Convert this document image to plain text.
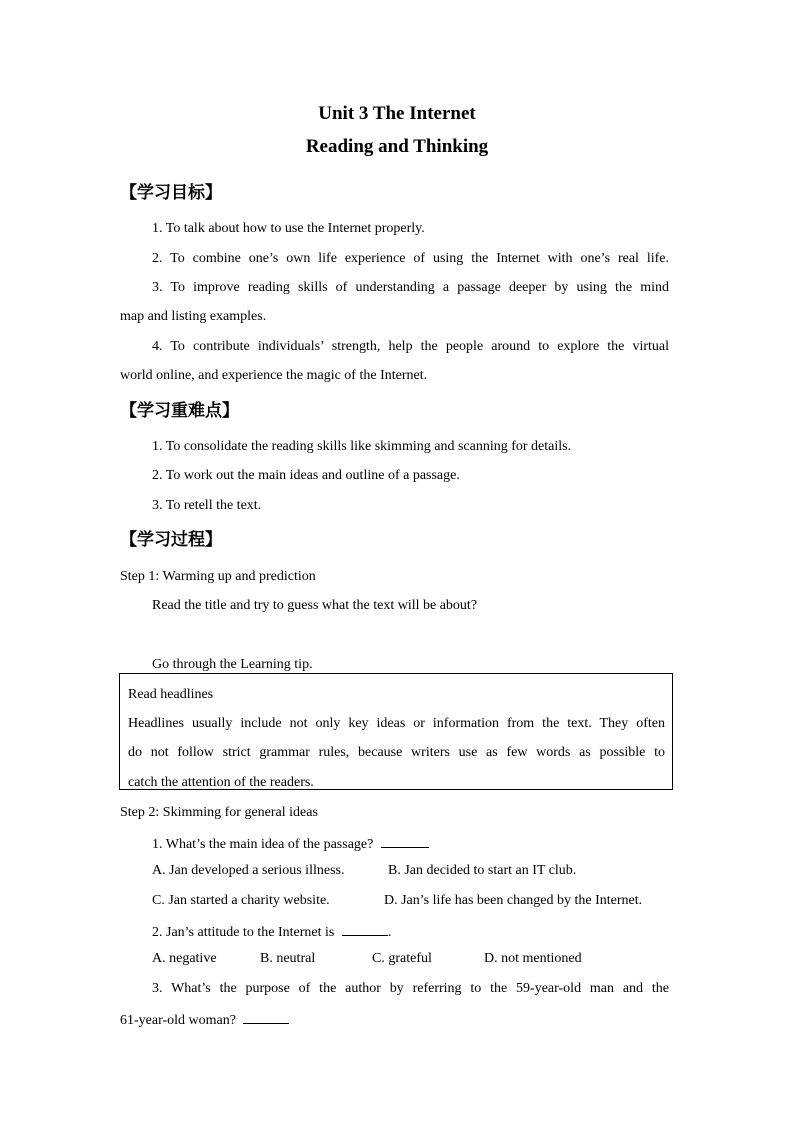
Unit 3 The Internet
Reading and Thinking
【学习目标】
1. To talk about how to use the Internet properly.
2. To combine one’s own life experience of using the Internet with one’s real life.
3. To improve reading skills of understanding a passage deeper by using the mind
map and listing examples.
4. To contribute individuals’ strength, help the people around to explore the virtual
world online, and experience the magic of the Internet.
【学习重难点】
1. To consolidate the reading skills like skimming and scanning for details.
2. To work out the main ideas and outline of a passage.
3. To retell the text.
【学习过程】
Step 1: Warming up and prediction
Read the title and try to guess what the text will be about?
Go through the Learning tip.
Read headlines
Headlines usually include not only key ideas or information from the text. They often
do not follow strict grammar rules, because writers use as few words as possible to
catch the attention of the readers.
Step 2: Skimming for general ideas
1. What’s the main idea of the passage?
A. Jan developed a serious illness.	B. Jan decided to start an IT club.
C. Jan started a charity website.	D. Jan’s life has been changed by the Internet.
2. Jan’s attitude to the Internet is	.
A. negative	B. neutral	C. grateful	D. not mentioned
3. What’s the purpose of the author by referring to the 59-year-old man and the
61-year-old woman?
